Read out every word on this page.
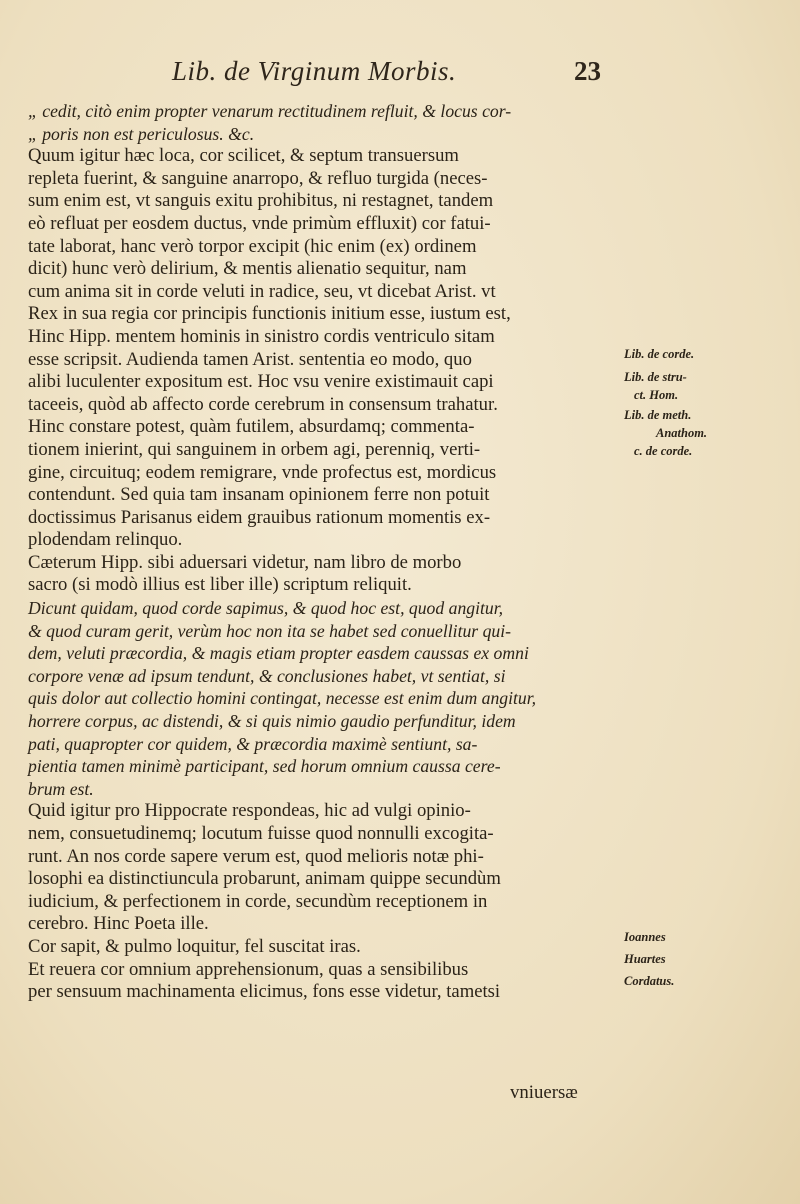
Lib. de Virginum Morbis.	23
„ cedit, citò enim propter venarum rectitudinem refluit, & locus cor-
„ poris non est periculosus. &c.
Quum igitur hæc loca, cor scilicet, & septum transuersum
repleta fuerint, & sanguine anarropo, & refluo turgida (neces-
sum enim est, vt sanguis exitu prohibitus, ni restagnet, tandem
eò refluat per eosdem ductus, vnde primùm effluxit) cor fatui-
tate laborat, hanc verò torpor excipit (hic enim (ex) ordinem
dicit) hunc verò delirium, & mentis alienatio sequitur, nam
cum anima sit in corde veluti in radice, seu, vt dicebat Arist. vt
Rex in sua regia cor principis functionis initium esse, iustum est,
Hinc Hipp. mentem hominis in sinistro cordis ventriculo sitam
esse scripsit. Audienda tamen Arist. sententia eo modo, quo
alibi luculenter expositum est. Hoc vsu venire existimauit capi
taceeis, quòd ab affecto corde cerebrum in consensum trahatur.
Hinc constare potest, quàm futilem, absurdamq; commenta-
tionem inierint, qui sanguinem in orbem agi, perenniq, verti-
gine, circuituq; eodem remigrare, vnde profectus est, mordicus
contendunt. Sed quia tam insanam opinionem ferre non potuit
doctissimus Parisanus eidem grauibus rationum momentis ex-
plodendam relinquo.
Cæterum Hipp. sibi aduersari videtur, nam libro de morbo
sacro (si modò illius est liber ille) scriptum reliquit.
Dicunt quidam, quod corde sapimus, & quod hoc est, quod angitur,
& quod curam gerit, verùm hoc non ita se habet sed conuellitur qui-
dem, veluti præcordia, & magis etiam propter easdem caussas ex omni
corpore venæ ad ipsum tendunt, & conclusiones habet, vt sentiat, si
quis dolor aut collectio homini contingat, necesse est enim dum angitur,
horrere corpus, ac distendi, & si quis nimio gaudio perfunditur, idem
pati, quapropter cor quidem, & præcordia maximè sentiunt, sa-
pientia tamen minimè participant, sed horum omnium caussa cere-
brum est.
Quid igitur pro Hippocrate respondeas, hic ad vulgi opinio-
nem, consuetudinemq; locutum fuisse quod nonnulli excogita-
runt. An nos corde sapere verum est, quod melioris notæ phi-
losophi ea distinctiuncula probarunt, animam quippe secundùm
iudicium, & perfectionem in corde, secundùm receptionem in
cerebro. Hinc Poeta ille.
Cor sapit, & pulmo loquitur, fel suscitat iras.
Et reuera cor omnium apprehensionum, quas a sensibilibus
per sensuum machinamenta elicimus, fons esse videtur, tametsi
Lib. de corde.
Lib. de stru-
ct. Hom.
Lib. de meth.
Anathom.
c. de corde.
Ioannes
Huartes
Cordatus.
vniuersæ
